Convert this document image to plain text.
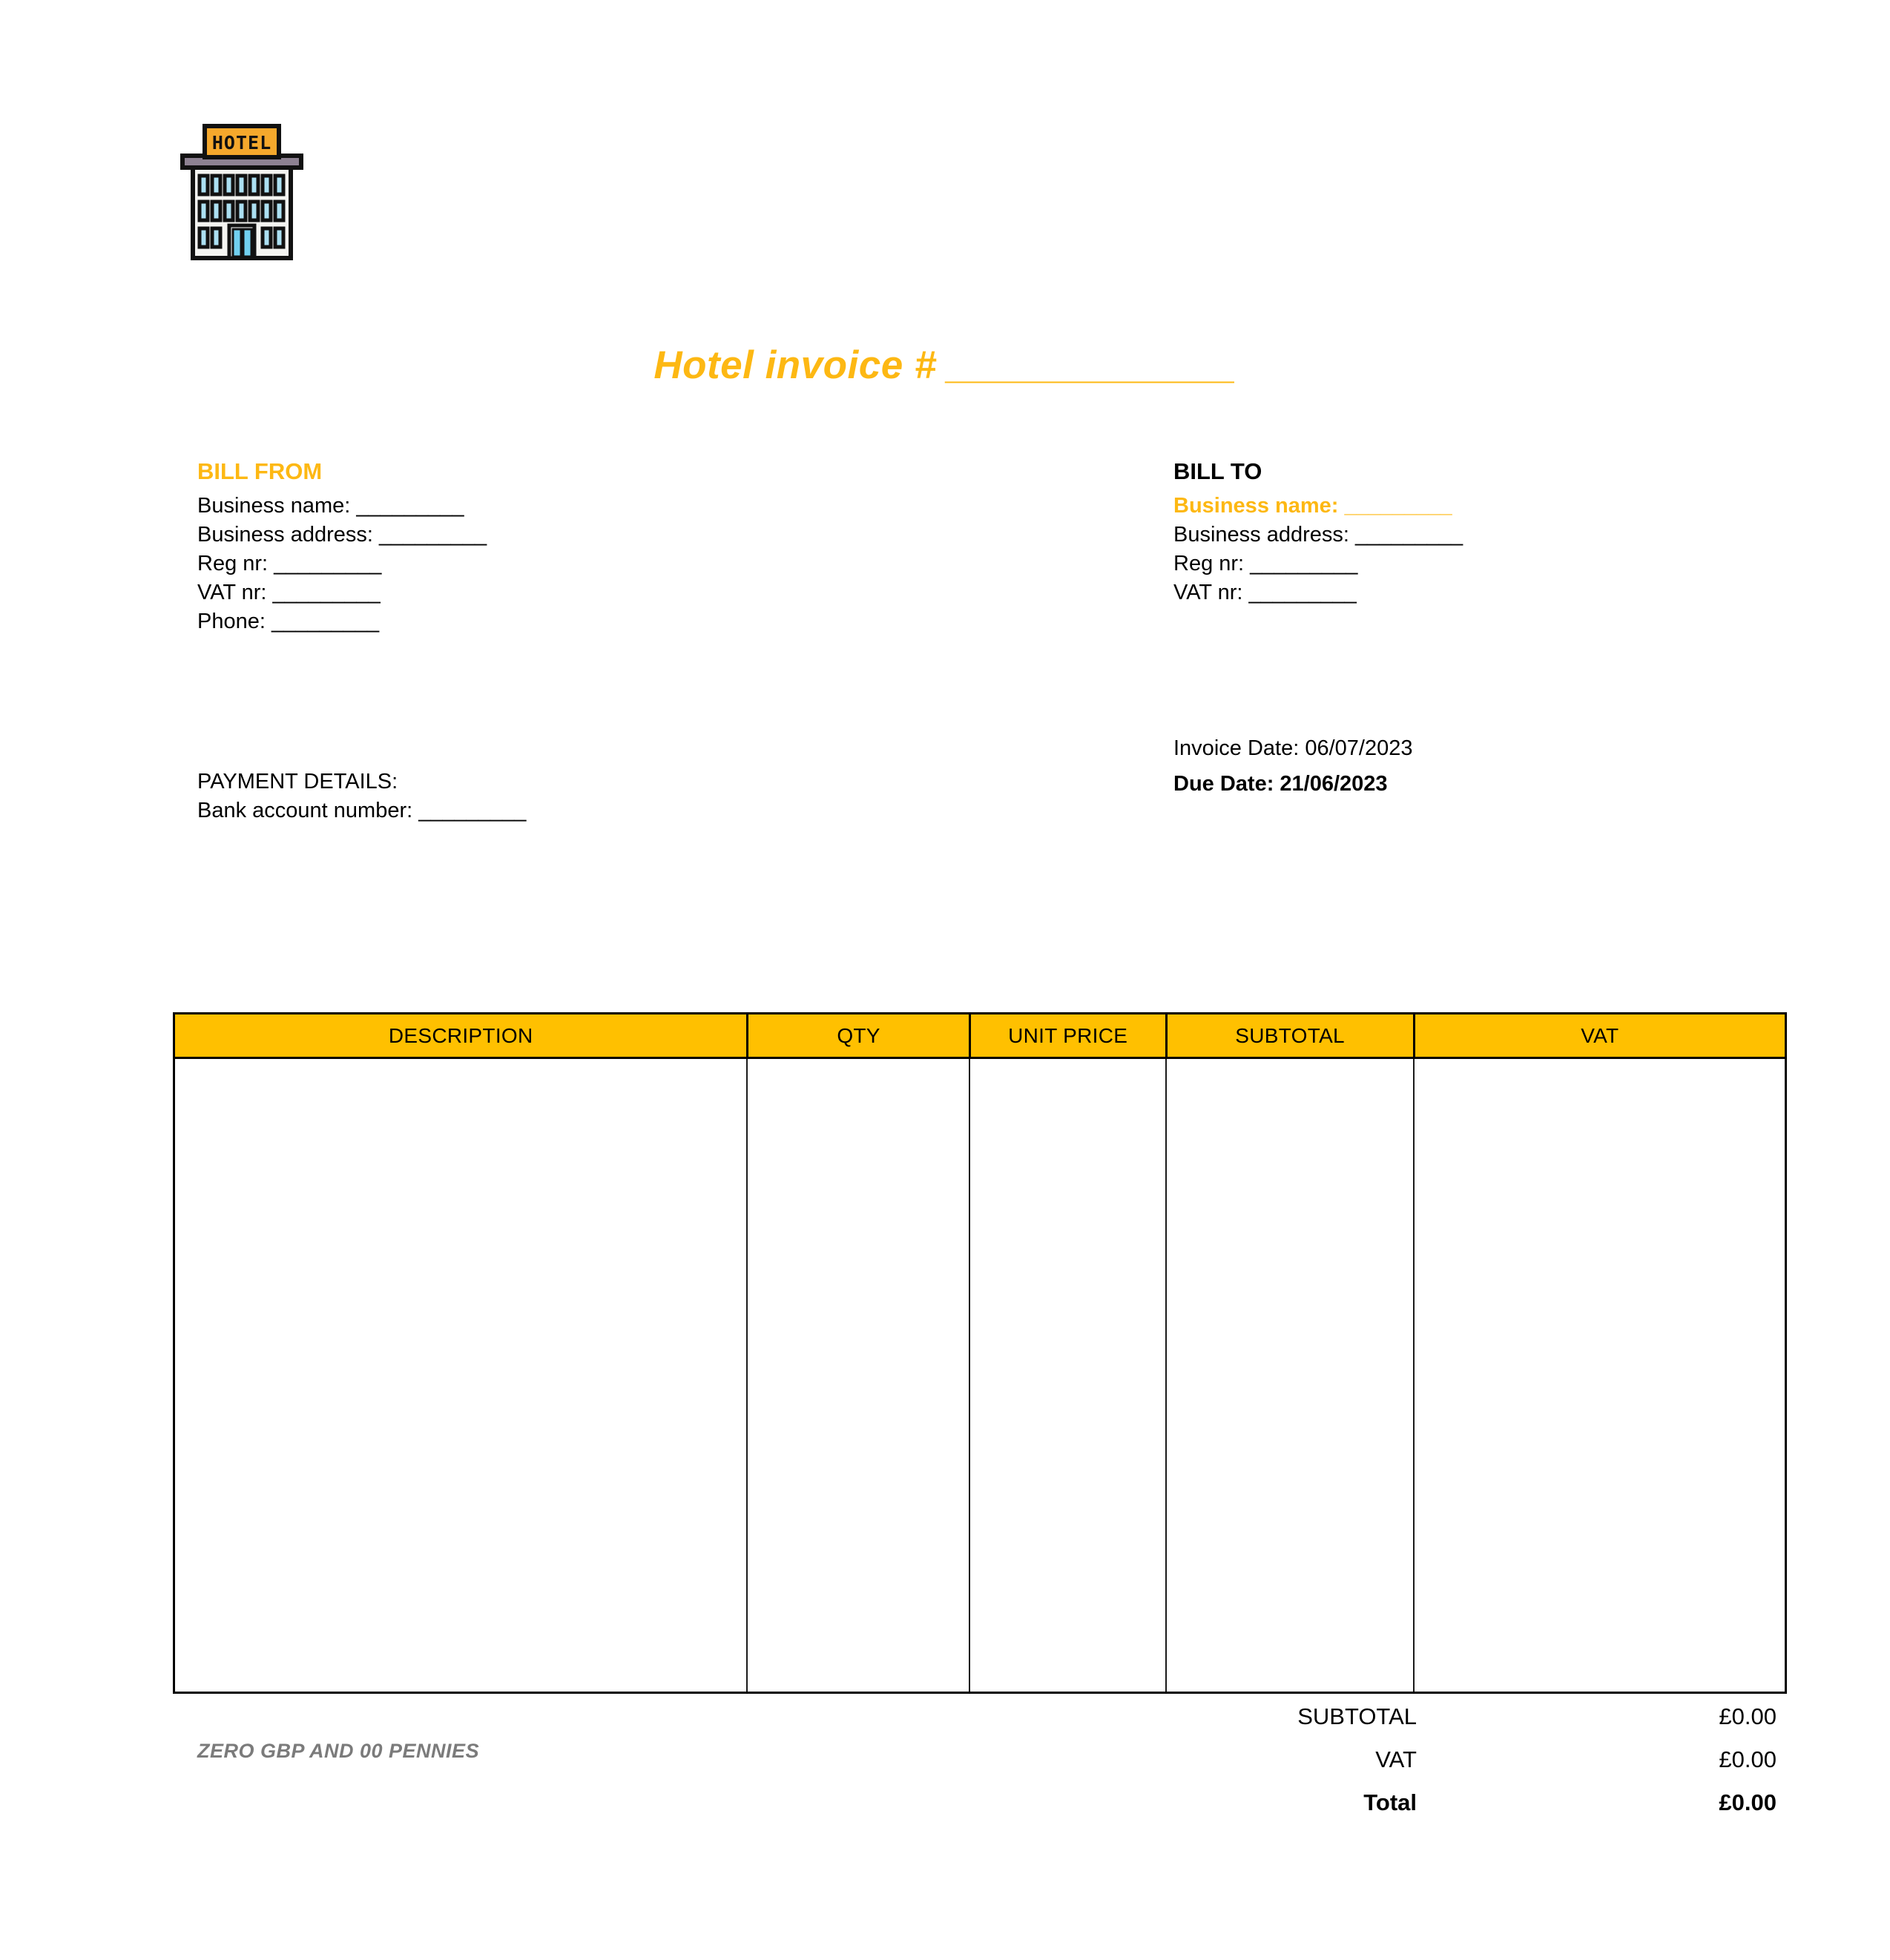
HOTEL
Hotel invoice # _____________
BILL FROM
Business name: _________
Business address: _________
Reg nr: _________
VAT nr: _________
Phone: _________
BILL TO
Business name: _________
Business address: _________
Reg nr: _________
VAT nr: _________
Invoice Date: 06/07/2023
Due Date: 21/06/2023
PAYMENT DETAILS:
Bank account number: _________
DESCRIPTION	QTY	UNIT PRICE	SUBTOTAL	VAT
SUBTOTAL	£0.00
VAT	£0.00
Total	£0.00
ZERO GBP AND 00 PENNIES
